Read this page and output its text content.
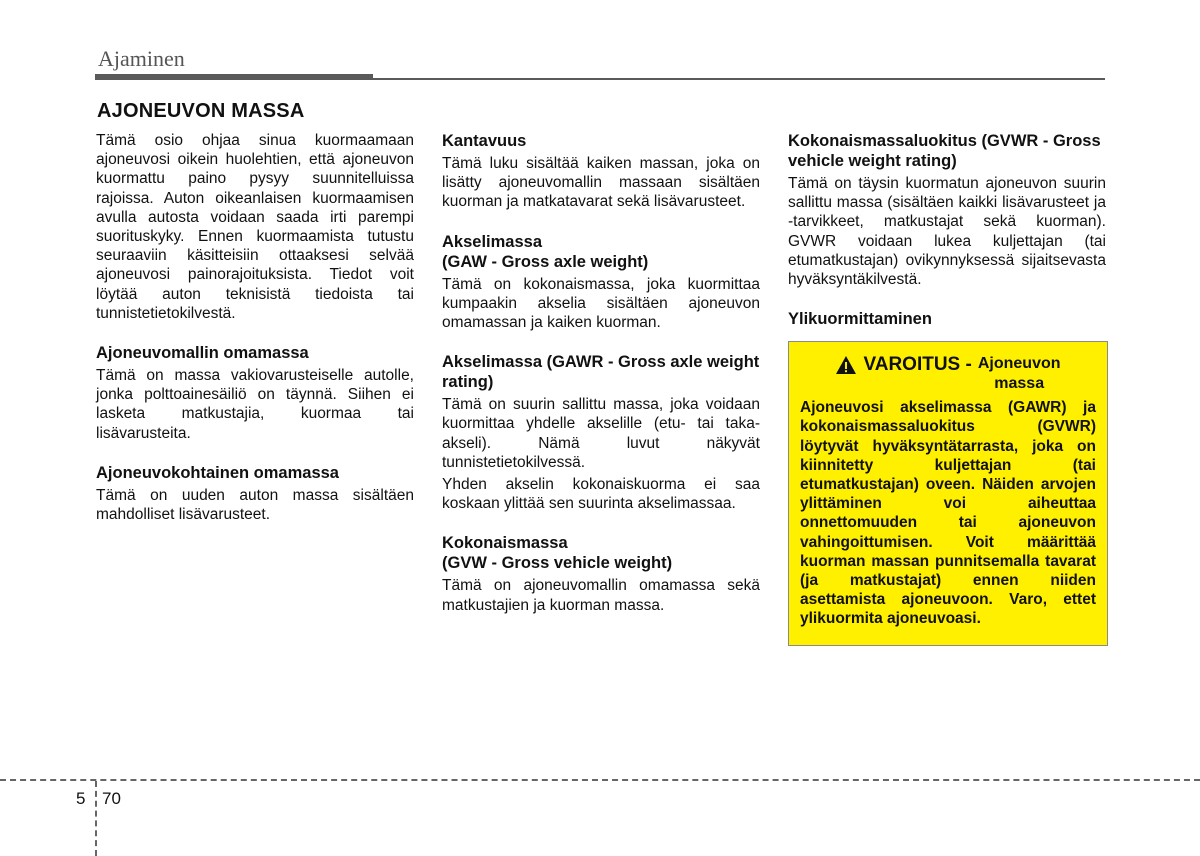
Ajaminen
AJONEUVON MASSA

Tämä osio ohjaa sinua kuormaamaan ajoneuvosi oikein huolehtien, että ajoneuvon kuormattu paino pysyy suunnitelluissa rajoissa. Auton oikeanlaisen kuormaamisen avulla autosta voidaan saada irti parempi suorituskyky. Ennen kuormaamista tutustu seuraaviin käsitteisiin ottaaksesi selvää ajoneuvosi painorajoituksista. Tiedot voit löytää auton teknisistä tiedoista tai tunnistetietokilvestä.

Ajoneuvomallin omamassa

Tämä on massa vakiovarusteiselle autolle, jonka polttoainesäiliö on täynnä. Siihen ei lasketa matkustajia, kuormaa tai lisävarusteita.

Ajoneuvokohtainen omamassa

Tämä on uuden auton massa sisältäen mahdolliset lisävarusteet.

Kantavuus

Tämä luku sisältää kaiken massan, joka on lisätty ajoneuvomallin massaan sisältäen kuorman ja matkatavarat sekä lisävarusteet.

Akselimassa
(GAW - Gross axle weight)

Tämä on kokonaismassa, joka kuormittaa kumpaakin akselia sisältäen ajoneuvon omamassan ja kaiken kuorman.

Akselimassa (GAWR - Gross axle weight rating)

Tämä on suurin sallittu massa, joka voidaan kuormittaa yhdelle akselille (etu- tai taka-akseli). Nämä luvut näkyvät tunnistetietokilvessä.

Yhden akselin kokonaiskuorma ei saa koskaan ylittää sen suurinta akselimassaa.

Kokonaismassa
(GVW - Gross vehicle weight)

Tämä on ajoneuvomallin omamassa sekä matkustajien ja kuorman massa.

Kokonaismassaluokitus (GVWR - Gross vehicle weight rating)

Tämä on täysin kuormatun ajoneuvon suurin sallittu massa (sisältäen kaikki lisävarusteet ja -tarvikkeet, matkustajat sekä kuorman). GVWR voidaan lukea kuljettajan (tai etumatkustajan) ovikynnyksessä sijaitsevasta hyväksyntäkilvestä.

Ylikuormittaminen
VAROITUS - Ajoneuvon
massa

Ajoneuvosi akselimassa (GAWR) ja kokonaismassaluokitus (GVWR) löytyvät hyväksyntätarrasta, joka on kiinnitetty kuljettajan (tai etumatkustajan) oveen. Näiden arvojen ylittäminen voi aiheuttaa onnettomuuden tai ajoneuvon vahingoittumisen. Voit määrittää kuorman massan punnitsemalla tavarat (ja matkustajat) ennen niiden asettamista ajoneuvoon. Varo, ettet ylikuormita ajoneuvoasi.

5 70
